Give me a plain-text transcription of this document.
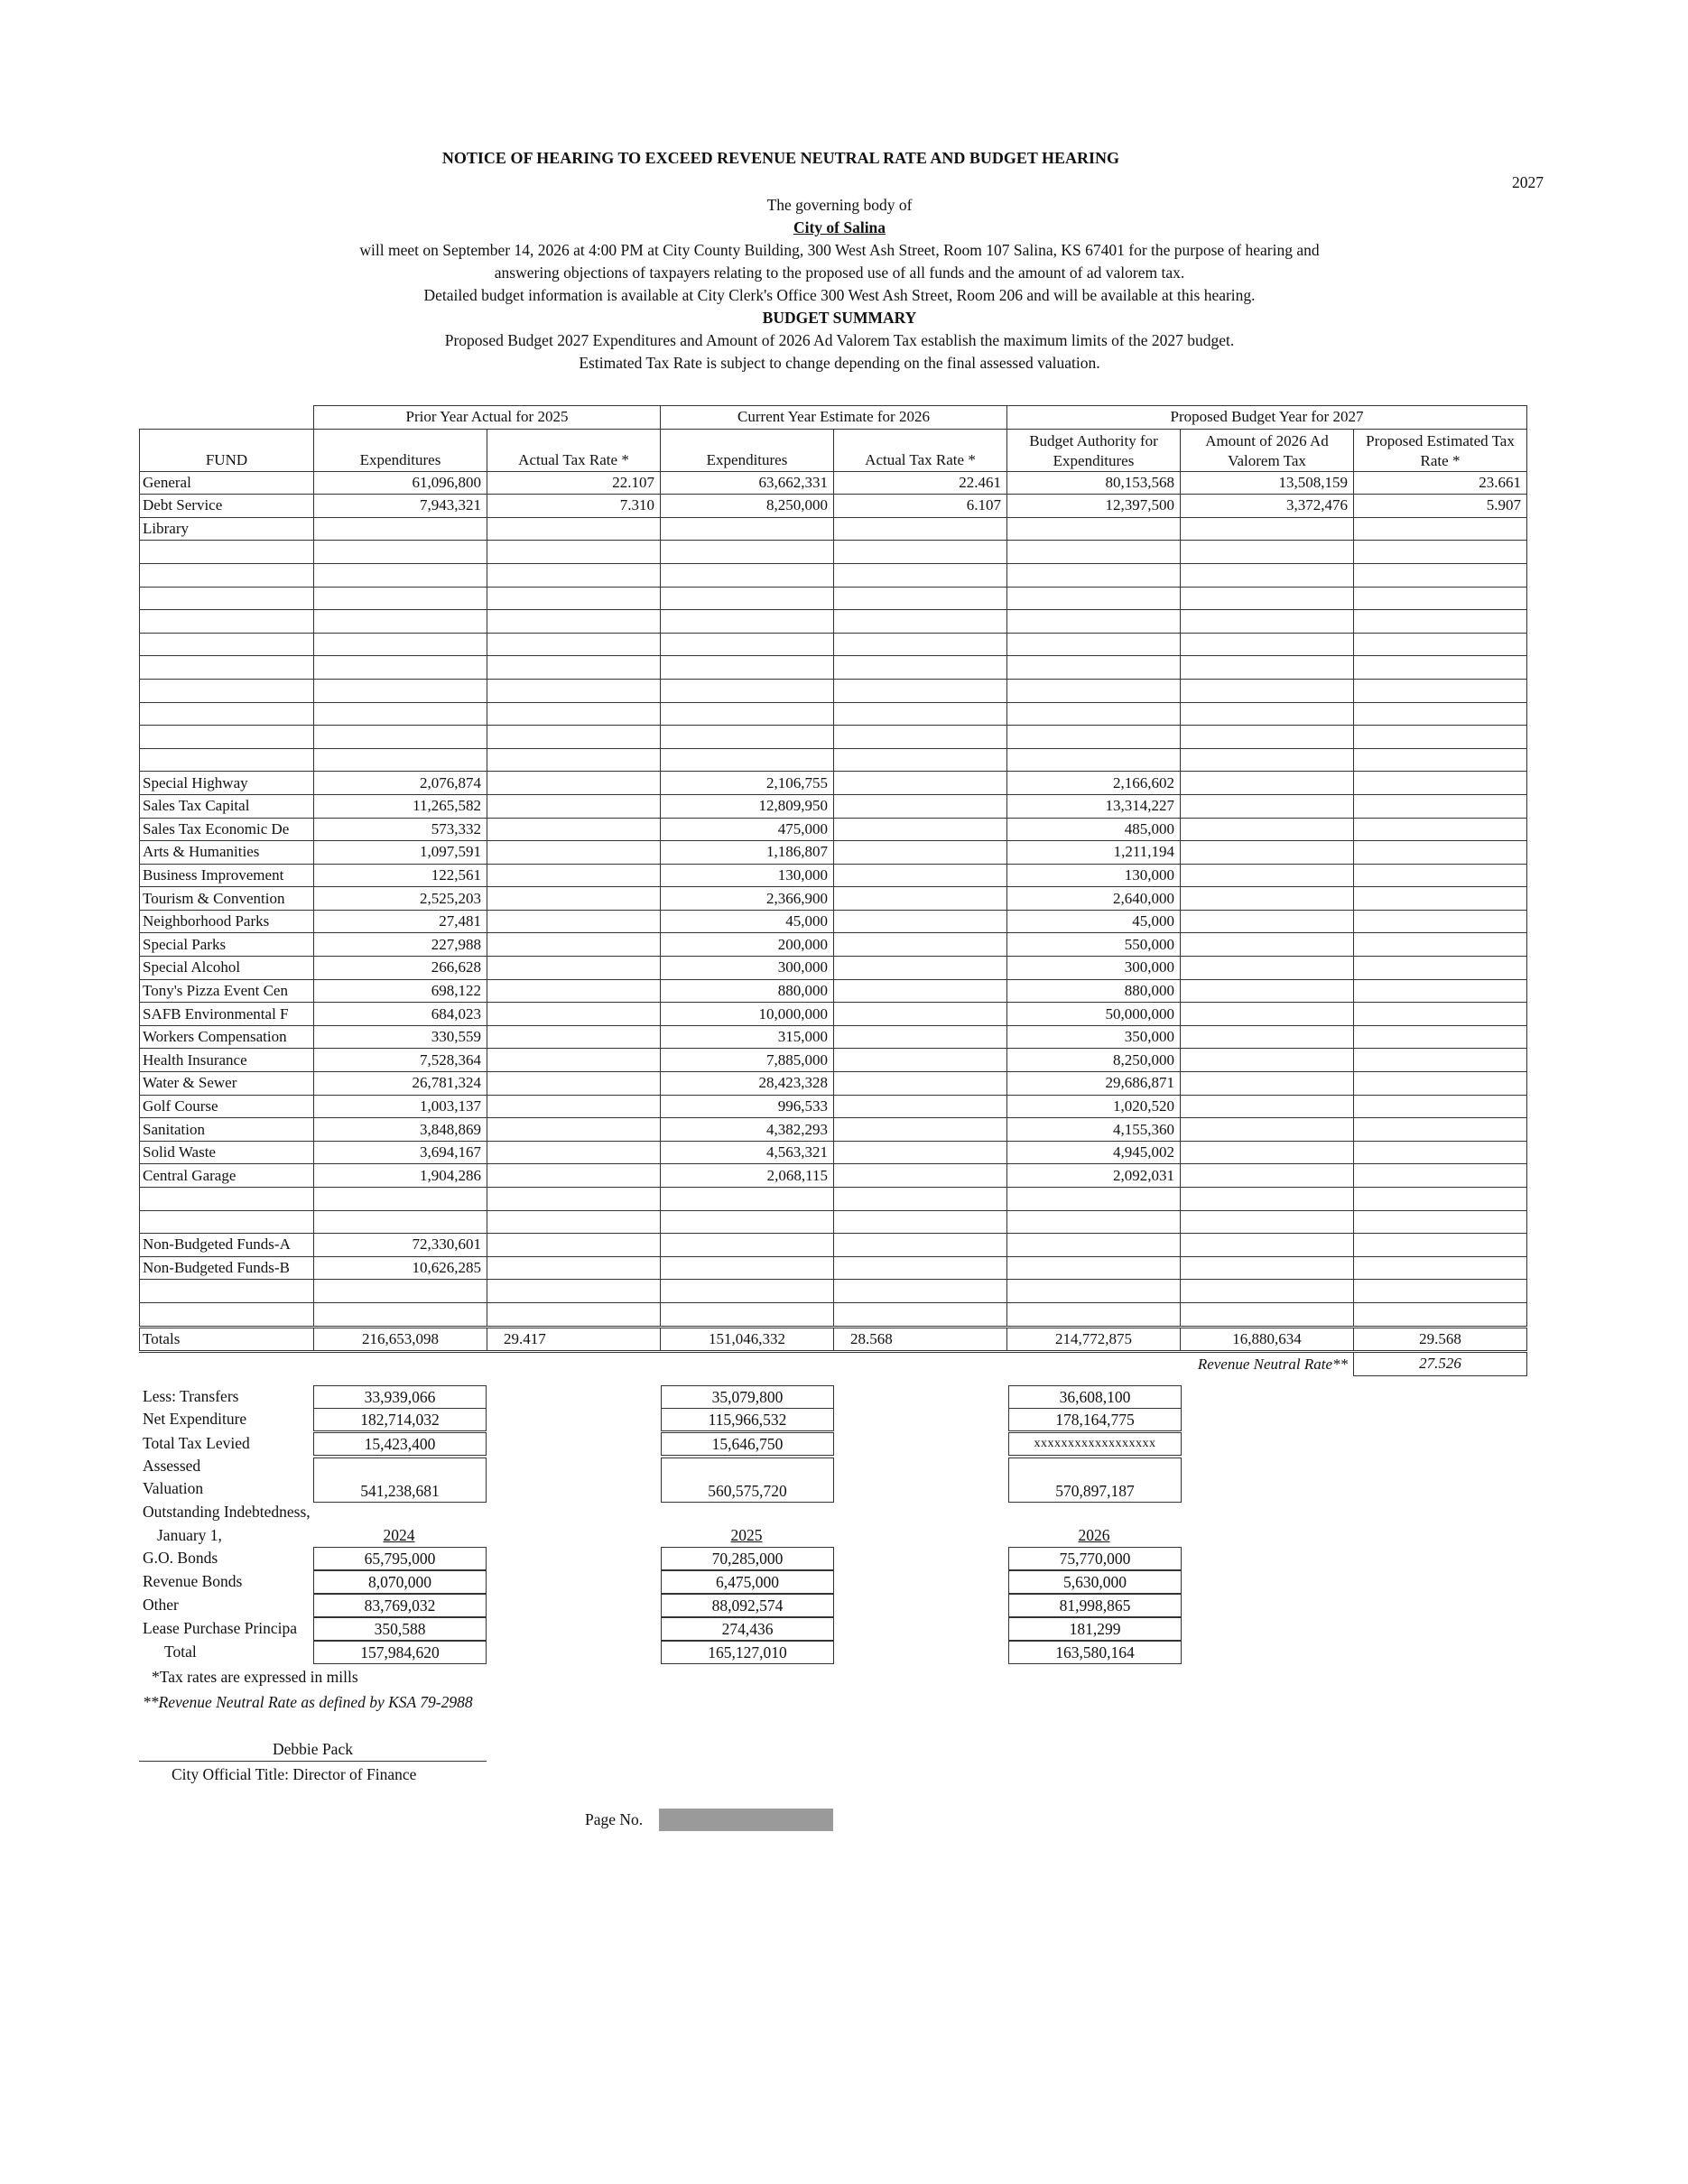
NOTICE OF HEARING TO EXCEED REVENUE NEUTRAL RATE AND BUDGET HEARING
2027
The governing body of
City of Salina
will meet on September 14, 2026 at 4:00 PM at City County Building, 300 West Ash Street, Room 107 Salina, KS 67401 for the purpose of hearing and
answering objections of taxpayers relating to the proposed use of all funds and the amount of ad valorem tax.
Detailed budget information is available at City Clerk's Office 300 West Ash Street, Room 206 and will be available at this hearing.
BUDGET SUMMARY
Proposed Budget 2027 Expenditures and Amount of 2026 Ad Valorem Tax establish the maximum limits of the 2027 budget.
Estimated Tax Rate is subject to change depending on the final assessed valuation.
	Prior Year Actual for 2025		Current Year Estimate for 2026		Proposed Budget Year for 2027		
FUND	Expenditures	Actual Tax Rate *	Expenditures	Actual Tax Rate *	Budget Authority for Expenditures	Amount of 2026 Ad Valorem Tax	Proposed Estimated Tax Rate *
General	61,096,800	22.107	63,662,331	22.461	80,153,568	13,508,159	23.661
Debt Service	7,943,321	7.310	8,250,000	6.107	12,397,500	3,372,476	5.907
Library							

Special Highway	2,076,874		2,106,755		2,166,602		
Sales Tax Capital	11,265,582		12,809,950		13,314,227		
Sales Tax Economic De	573,332		475,000		485,000		
Arts & Humanities	1,097,591		1,186,807		1,211,194		
Business Improvement	122,561		130,000		130,000		
Tourism & Convention	2,525,203		2,366,900		2,640,000		
Neighborhood Parks	27,481		45,000		45,000		
Special Parks	227,988		200,000		550,000		
Special Alcohol	266,628		300,000		300,000		
Tony's Pizza Event Cen	698,122		880,000		880,000		
SAFB Environmental F	684,023		10,000,000		50,000,000		
Workers Compensation	330,559		315,000		350,000		
Health Insurance	7,528,364		7,885,000		8,250,000		
Water & Sewer	26,781,324		28,423,328		29,686,871		
Golf Course	1,003,137		996,533		1,020,520		
Sanitation	3,848,869		4,382,293		4,155,360		
Solid Waste	3,694,167		4,563,321		4,945,002		
Central Garage	1,904,286		2,068,115		2,092,031		

Non-Budgeted Funds-A	72,330,601						
Non-Budgeted Funds-B	10,626,285						

Totals	216,653,098	29.417	151,046,332	28.568	214,772,875	16,880,634	29.568
						Revenue Neutral Rate**	27.526
Less: Transfers	33,939,066	35,079,800	36,608,100
Net Expenditure	182,714,032	115,966,532	178,164,775
Total Tax Levied	15,423,400	15,646,750	xxxxxxxxxxxxxxxxxx
Assessed
Valuation	541,238,681	560,575,720	570,897,187
Outstanding Indebtedness,
January 1,	2024	2025	2026
G.O. Bonds	65,795,000	70,285,000	75,770,000
Revenue Bonds	8,070,000	6,475,000	5,630,000
Other	83,769,032	88,092,574	81,998,865
Lease Purchase Principa	350,588	274,436	181,299
Total	157,984,620	165,127,010	163,580,164
*Tax rates are expressed in mills
**Revenue Neutral Rate as defined by KSA 79-2988
Debbie Pack
City Official Title: Director of Finance
Page No.
